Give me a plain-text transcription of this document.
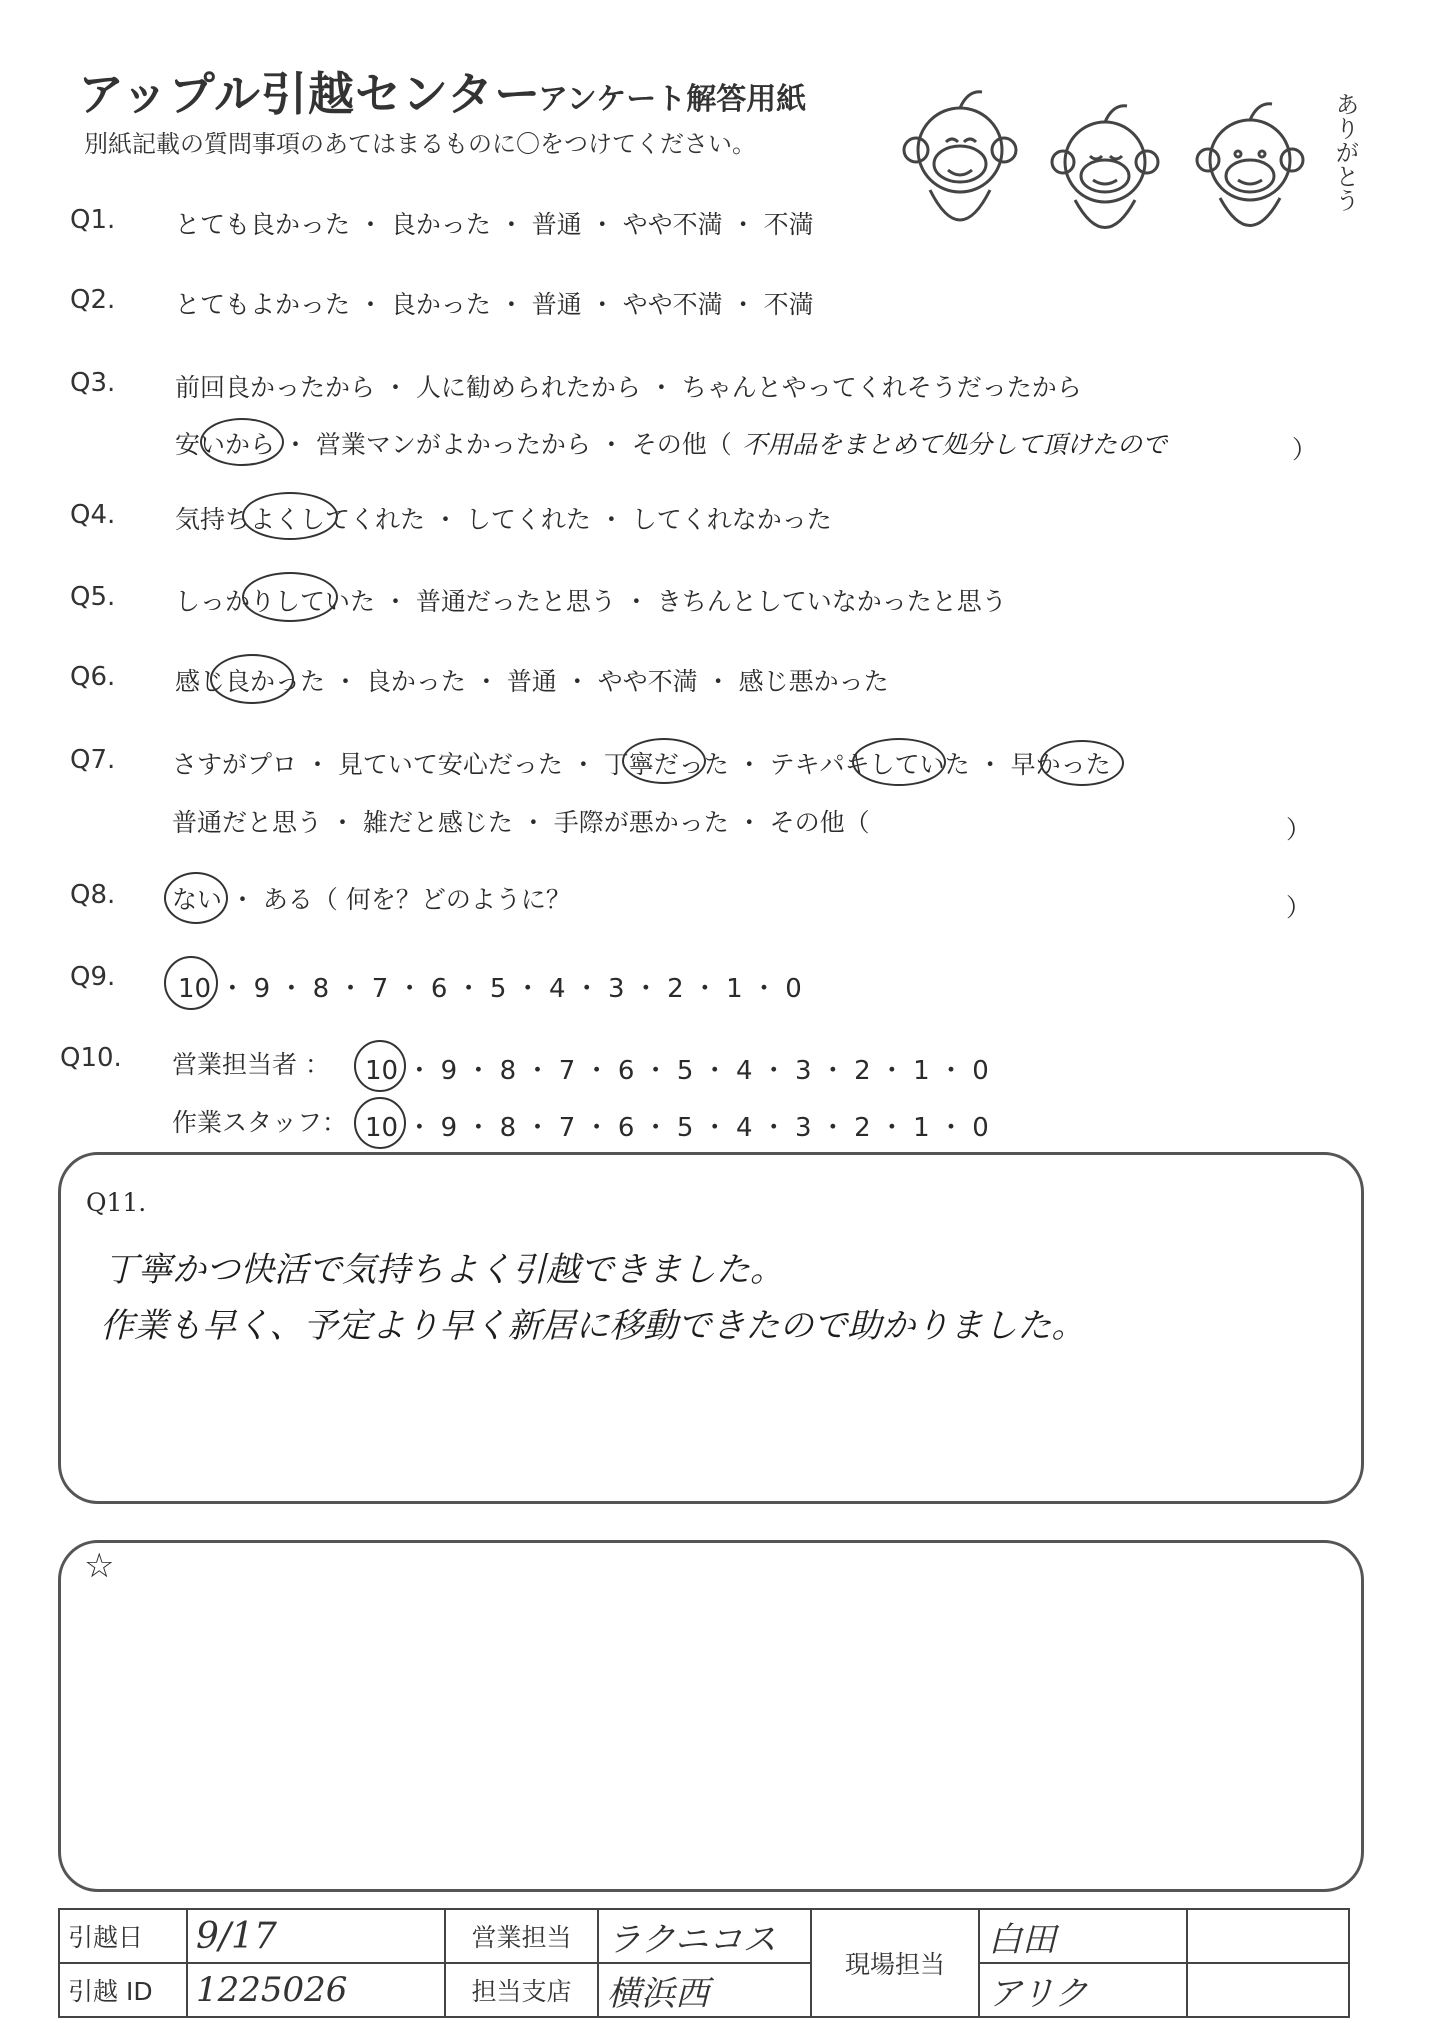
アップル引越センター
アンケート解答用紙
別紙記載の質問事項のあてはまるものに〇をつけてください。	ありがとう
Q1. とても良かった ・ 良かった ・ 普通 ・ やや不満 ・ 不満
Q2. とてもよかった ・ 良かった ・ 普通 ・ やや不満 ・ 不満
Q3. 前回良かったから ・ 人に勧められたから ・ ちゃんとやってくれそうだったから
安いから ・ 営業マンがよかったから ・ その他（ 不用品をまとめて処分して頂けたので	）
Q4. 気持ちよくしてくれた ・ してくれた ・ してくれなかった
Q5. しっかりしていた ・ 普通だったと思う ・ きちんとしていなかったと思う
Q6. 感じ良かった ・ 良かった ・ 普通 ・ やや不満 ・ 感じ悪かった
Q7. さすがプロ ・ 見ていて安心だった ・ 丁寧だった ・ テキパキしていた ・ 早かった
普通だと思う ・ 雑だと感じた ・ 手際が悪かった ・ その他（	）
Q8. ない ・ ある（ 何を？どのように？	）
Q9. 10 ・ 9 ・ 8 ・ 7 ・ 6 ・ 5 ・ 4 ・ 3 ・ 2 ・ 1 ・ 0
Q10. 営業担当者 ： 10 ・ 9 ・ 8 ・ 7 ・ 6 ・ 5 ・ 4 ・ 3 ・ 2 ・ 1 ・ 0
作業スタッフ： 10 ・ 9 ・ 8 ・ 7 ・ 6 ・ 5 ・ 4 ・ 3 ・ 2 ・ 1 ・ 0
Q11.
丁寧かつ快活で気持ちよく引越できました。
作業も早く、予定より早く新居に移動できたので助かりました。
☆
引越日	9/17	営業担当	ラクニコス	現場担当	白田	
引越 ID	1225026	担当支店	横浜西		アリク	
